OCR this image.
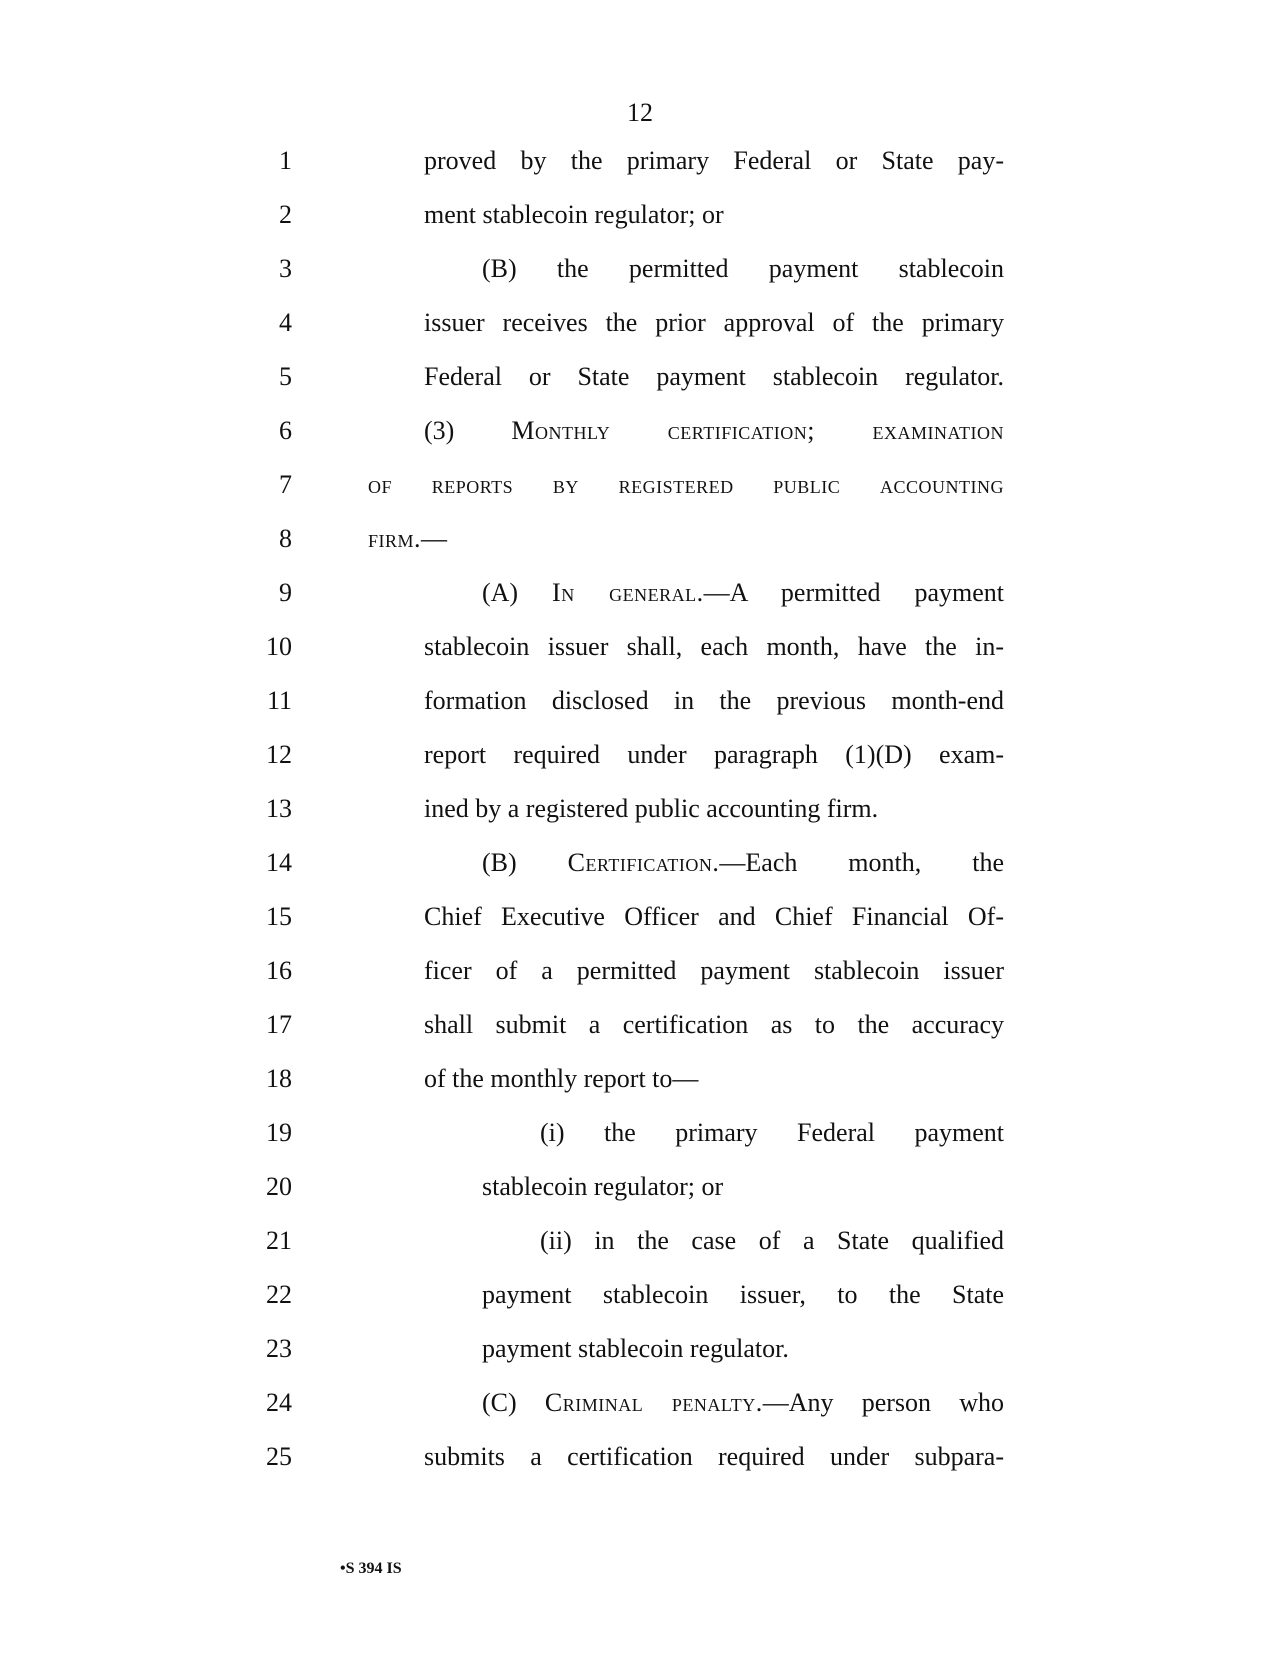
12
1	proved by the primary Federal or State pay-
2	ment stablecoin regulator; or
3	(B) the permitted payment stablecoin
4	issuer receives the prior approval of the primary
5	Federal or State payment stablecoin regulator.
6	(3) Monthly certification; examination
7	of reports by registered public accounting
8	firm.—
9	(A) In general.—A permitted payment
10	stablecoin issuer shall, each month, have the in-
11	formation disclosed in the previous month-end
12	report required under paragraph (1)(D) exam-
13	ined by a registered public accounting firm.
14	(B) Certification.—Each month, the
15	Chief Executive Officer and Chief Financial Of-
16	ficer of a permitted payment stablecoin issuer
17	shall submit a certification as to the accuracy
18	of the monthly report to—
19	(i) the primary Federal payment
20	stablecoin regulator; or
21	(ii) in the case of a State qualified
22	payment stablecoin issuer, to the State
23	payment stablecoin regulator.
24	(C) Criminal penalty.—Any person who
25	submits a certification required under subpara-
•S 394 IS
